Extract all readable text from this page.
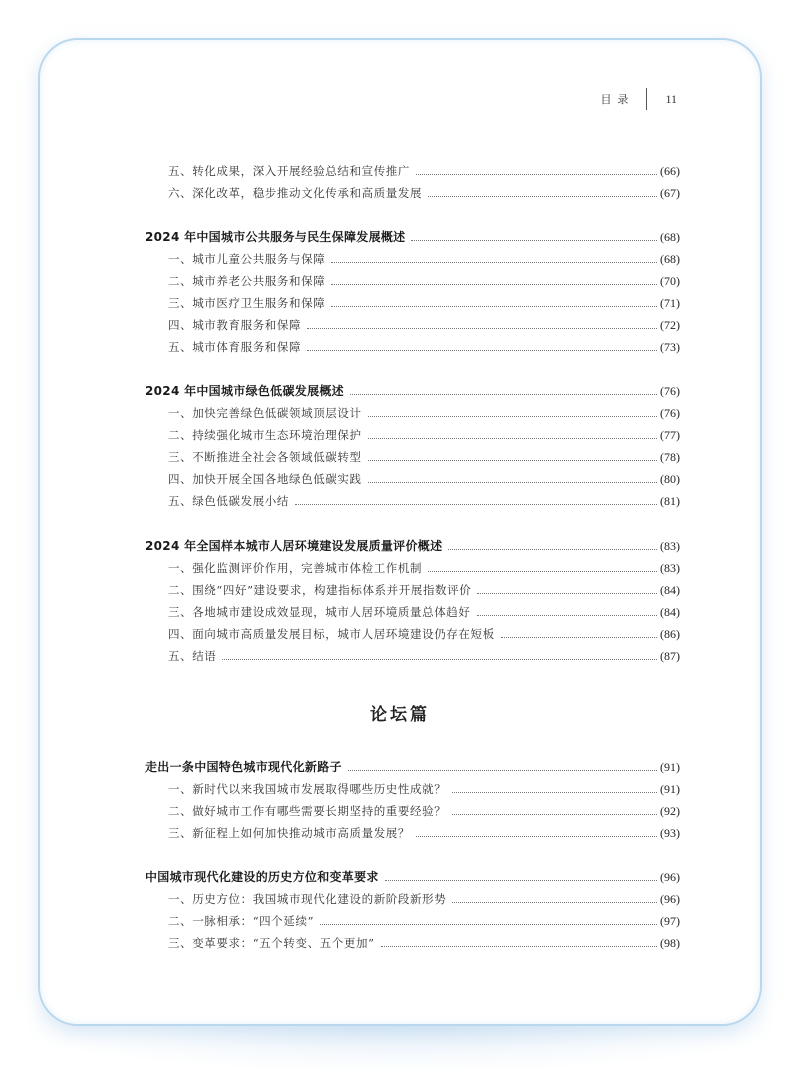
目录	11
五、转化成果，深入开展经验总结和宣传推广	(66)
六、深化改革，稳步推动文化传承和高质量发展	(67)
2024 年中国城市公共服务与民生保障发展概述	(68)
一、城市儿童公共服务与保障	(68)
二、城市养老公共服务和保障	(70)
三、城市医疗卫生服务和保障	(71)
四、城市教育服务和保障	(72)
五、城市体育服务和保障	(73)
2024 年中国城市绿色低碳发展概述	(76)
一、加快完善绿色低碳领域顶层设计	(76)
二、持续强化城市生态环境治理保护	(77)
三、不断推进全社会各领域低碳转型	(78)
四、加快开展全国各地绿色低碳实践	(80)
五、绿色低碳发展小结	(81)
2024 年全国样本城市人居环境建设发展质量评价概述	(83)
一、强化监测评价作用，完善城市体检工作机制	(83)
二、围绕“四好”建设要求，构建指标体系并开展指数评价	(84)
三、各地城市建设成效显现，城市人居环境质量总体趋好	(84)
四、面向城市高质量发展目标，城市人居环境建设仍存在短板	(86)
五、结语	(87)
论坛篇
走出一条中国特色城市现代化新路子	(91)
一、新时代以来我国城市发展取得哪些历史性成就？	(91)
二、做好城市工作有哪些需要长期坚持的重要经验？	(92)
三、新征程上如何加快推动城市高质量发展？	(93)
中国城市现代化建设的历史方位和变革要求	(96)
一、历史方位：我国城市现代化建设的新阶段新形势	(96)
二、一脉相承：“四个延续”	(97)
三、变革要求：“五个转变、五个更加”	(98)
